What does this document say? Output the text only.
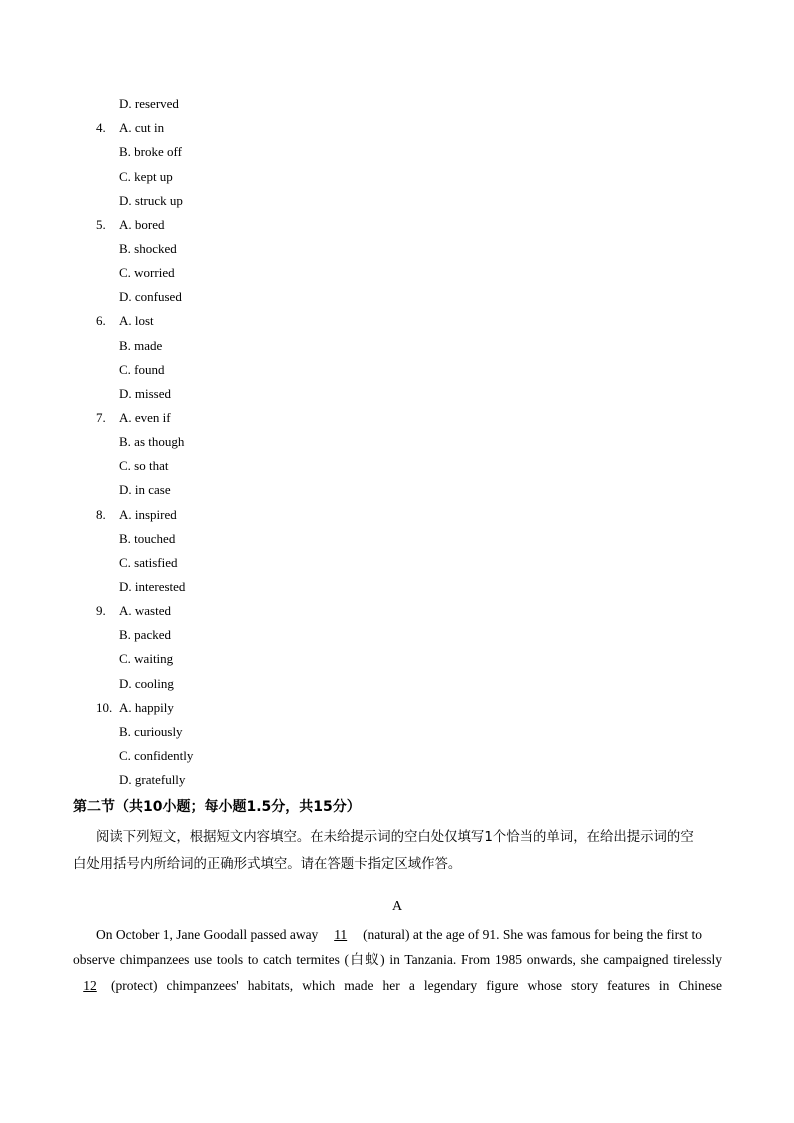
D. reserved
4. A. cut in
B. broke off
C. kept up
D. struck up
5. A. bored
B. shocked
C. worried
D. confused
6. A. lost
B. made
C. found
D. missed
7. A. even if
B. as though
C. so that
D. in case
8. A. inspired
B. touched
C. satisfied
D. interested
9. A. wasted
B. packed
C. waiting
D. cooling
10. A. happily
B. curiously
C. confidently
D. gratefully
第二节（共10小题；每小题1.5分，共15分）
阅读下列短文，根据短文内容填空。在未给提示词的空白处仅填写1个恰当的单词，在给出提示词的空
白处用括号内所给词的正确形式填空。请在答题卡指定区域作答。
A
On October 1, Jane Goodall passed away 11 (natural) at the age of 91. She was famous for being the first to
observe chimpanzees use tools to catch termites (白蚁) in Tanzania. From 1985 onwards, she campaigned tirelessly
12	(protect) chimpanzees' habitats, which made her a legendary figure whose story features in Chinese
